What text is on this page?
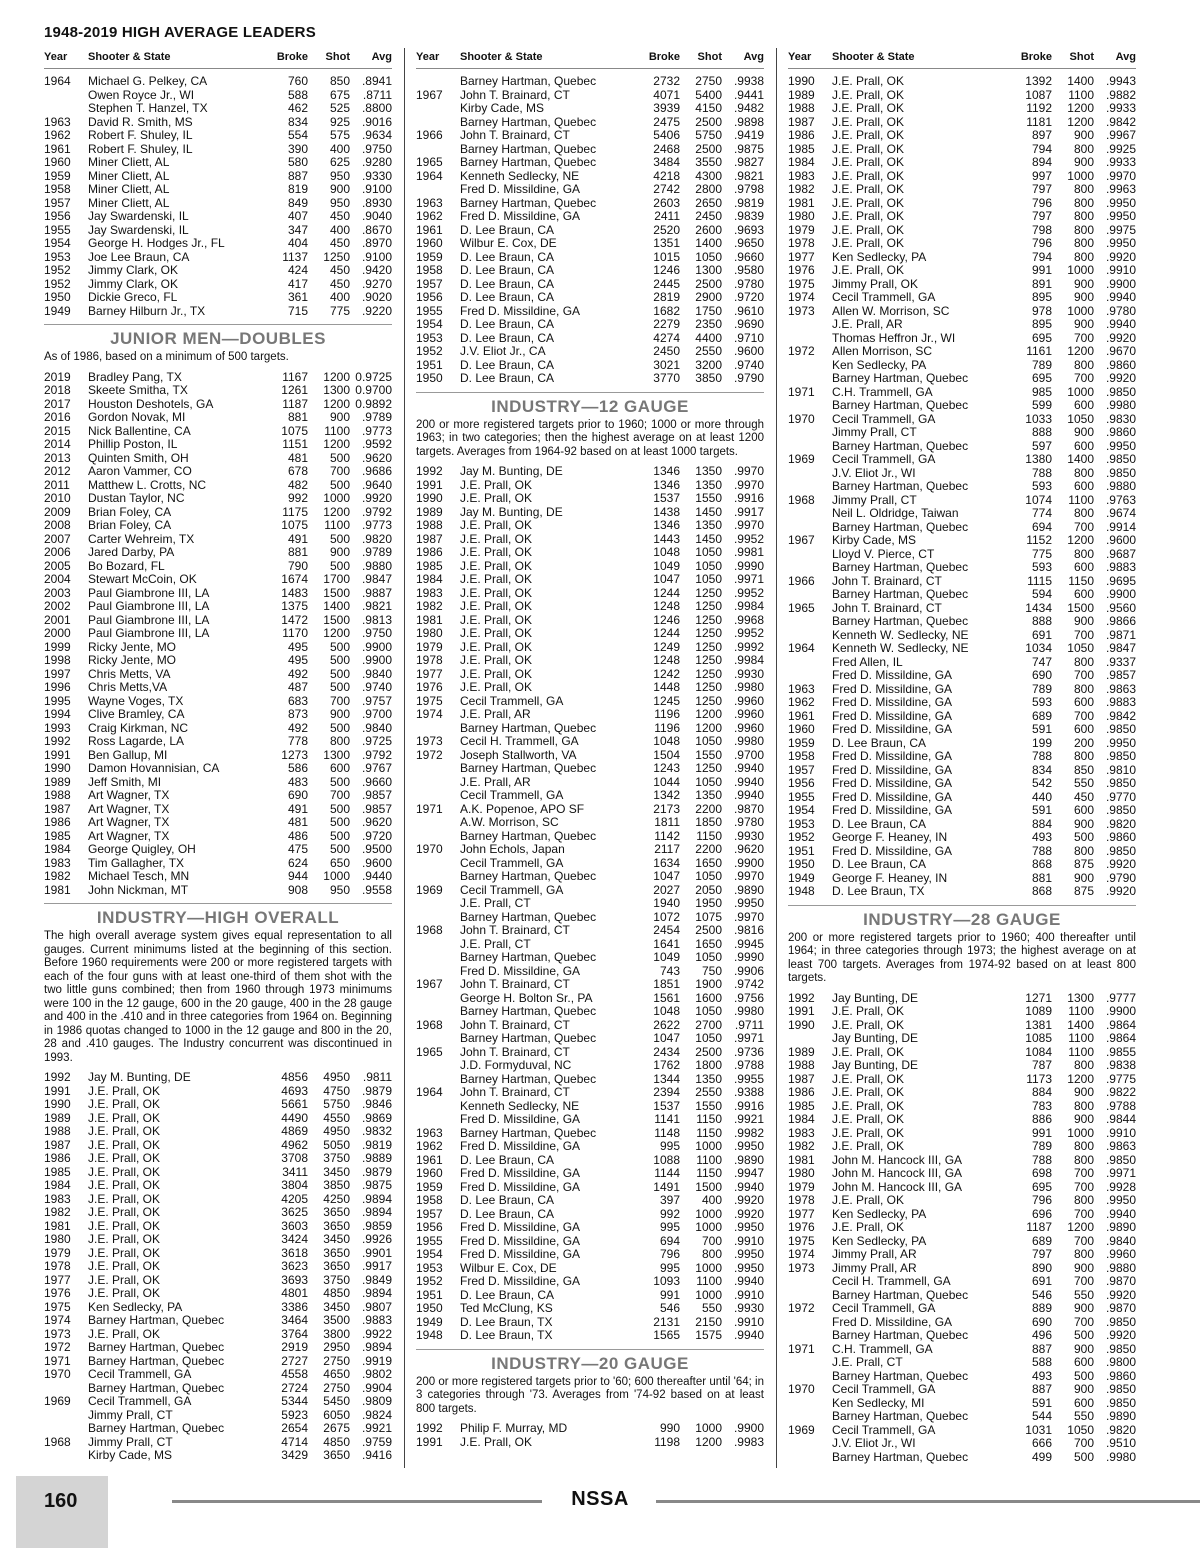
1948-2019 HIGH AVERAGE LEADERS
Year	Shooter & State	Broke	Shot	Avg
1964	Michael G. Pelkey, CA	760	850 .8941
Owen Royce Jr., WI	588	675	.8711
Stephen T. Hanzel, TX	462	525 .8800
1963	David R. Smith, MS	834	925 .9016
1962	Robert F. Shuley, IL	554	575 .9634
1961	Robert F. Shuley, IL	390	400 .9750
1960	Miner Cliett, AL	580	625 .9280
1959	Miner Cliett, AL	887	950 .9330
1958	Miner Cliett, AL	819	900 .9100
1957	Miner Cliett, AL	849	950 .8930
1956	Jay Swardenski, IL	407	450 .9040
1955	Jay Swardenski, IL	347	400 .8670
1954	George H. Hodges Jr., FL	404	450 .8970
1953	Joe Lee Braun, CA	1137	1250 .9100
1952	Jimmy Clark, OK	424	450 .9420
1952	Jimmy Clark, OK	417	450 .9270
1950	Dickie Greco, FL	361	400 .9020
1949	Barney Hilburn Jr., TX	715	775 .9220
JUNIOR MEN—DOUBLES
As of 1986, based on a minimum of 500 targets.
2019	Bradley Pang, TX	1167	1200 0.9725
2018	Skeete Smitha, TX	1261	1300 0.9700
2017	Houston Deshotels, GA	1187	1200 0.9892
2016	Gordon Novak, MI	881	900 .9789
2015	Nick Ballentine, CA	1075	1100 .9773
2014	Phillip Poston, IL	1151	1200 .9592
2013	Quinten Smith, OH	481	500 .9620
2012	Aaron Vammer, CO	678	700 .9686
2011	Matthew L. Crotts, NC	482	500 .9640
2010	Dustan Taylor, NC	992	1000 .9920
2009	Brian Foley, CA	1175	1200 .9792
2008	Brian Foley, CA	1075	1100 .9773
2007	Carter Wehreim, TX	491	500 .9820
2006	Jared Darby, PA	881	900 .9789
2005	Bo Bozard, FL	790	500 .9880
2004	Stewart McCoin, OK	1674	1700 .9847
2003	Paul Giambrone III, LA	1483	1500 .9887
2002	Paul Giambrone III, LA	1375	1400 .9821
2001	Paul Giambrone III, LA	1472	1500 .9813
2000	Paul Giambrone III, LA	1170	1200 .9750
1999	Ricky Jente, MO	495	500 .9900
1998	Ricky Jente, MO	495	500 .9900
1997	Chris Metts, VA	492	500 .9840
1996	Chris Metts,VA	487	500 .9740
1995	Wayne Voges, TX	683	700 .9757
1994	Clive Bramley, CA	873	900 .9700
1993	Craig Kirkman, NC	492	500 .9840
1992	Ross Lagarde, LA	778	800 .9725
1991	Ben Gallup, MI	1273	1300 .9792
1990	Damon Hovannisian, CA	586	600 .9767
1989	Jeff Smith, MI	483	500 .9660
1988	Art Wagner, TX	690	700 .9857
1987	Art Wagner, TX	491	500 .9857
1986	Art Wagner, TX	481	500 .9620
1985	Art Wagner, TX	486	500 .9720
1984	George Quigley, OH	475	500 .9500
1983	Tim Gallagher, TX	624	650 .9600
1982	Michael Tesch, MN	944	1000 .9440
1981	John Nickman, MT	908	950 .9558
INDUSTRY—HIGH OVERALL
The high overall average system gives equal representation to all gauges. Current minimums listed at the beginning of this section. Before 1960 requirements were 200 or more registered targets with each of the four guns with at least one-third of them shot with the two little guns combined; then from 1960 through 1973 minimums were 100 in the 12 gauge, 600 in the 20 gauge, 400 in the 28 gauge and 400 in the .410 and in three categories from 1964 on. Beginning in 1986 quotas changed to 1000 in the 12 gauge and 800 in the 20, 28 and .410 gauges. The Industry concurrent was discontinued in 1993.
1992	Jay M. Bunting, DE	4856	4950	.9811
1991	J.E. Prall, OK	4693	4750 .9879
1990	J.E. Prall, OK	5661	5750 .9846
1989	J.E. Prall, OK	4490	4550 .9869
1988	J.E. Prall, OK	4869	4950 .9832
1987	J.E. Prall, OK	4962	5050 .9819
1986	J.E. Prall, OK	3708	3750 .9889
1985	J.E. Prall, OK	3411	3450 .9879
1984	J.E. Prall, OK	3804	3850 .9875
1983	J.E. Prall, OK	4205	4250 .9894
1982	J.E. Prall, OK	3625	3650 .9894
1981	J.E. Prall, OK	3603	3650 .9859
1980	J.E. Prall, OK	3424	3450 .9926
1979	J.E. Prall, OK	3618	3650 .9901
1978	J.E. Prall, OK	3623	3650 .9917
1977	J.E. Prall, OK	3693	3750 .9849
1976	J.E. Prall, OK	4801	4850 .9894
1975	Ken Sedlecky, PA	3386	3450 .9807
1974	Barney Hartman, Quebec	3464	3500 .9883
1973	J.E. Prall, OK	3764	3800 .9922
1972	Barney Hartman, Quebec	2919	2950 .9894
1971	Barney Hartman, Quebec	2727	2750 .9919
1970	Cecil Trammell, GA	4558	4650 .9802
Barney Hartman, Quebec	2724	2750 .9904
1969	Cecil Trammell, GA	5344	5450 .9809
Jimmy Prall, CT	5923	6050 .9824
Barney Hartman, Quebec	2654	2675 .9921
1968	Jimmy Prall, CT	4714	4850 .9759
Kirby Cade, MS	3429	3650 .9416
Year	Shooter & State	Broke	Shot	Avg
Barney Hartman, Quebec	2732	2750 .9938
1967	John T. Brainard, CT	4071	5400 .9441
Kirby Cade, MS	3939	4150 .9482
Barney Hartman, Quebec	2475	2500 .9898
1966	John T. Brainard, CT	5406	5750 .9419
Barney Hartman, Quebec	2468	2500 .9875
1965	Barney Hartman, Quebec	3484	3550 .9827
1964	Kenneth Sedlecky, NE	4218	4300 .9821
Fred D. Missildine, GA	2742	2800 .9798
1963	Barney Hartman, Quebec	2603	2650 .9819
1962	Fred D. Missildine, GA	2411	2450 .9839
1961	D. Lee Braun, CA	2520	2600 .9693
1960	Wilbur E. Cox, DE	1351	1400 .9650
1959	D. Lee Braun, CA	1015	1050 .9660
1958	D. Lee Braun, CA	1246	1300 .9580
1957	D. Lee Braun, CA	2445	2500 .9780
1956	D. Lee Braun, CA	2819	2900 .9720
1955	Fred D. Missildine, GA	1682	1750 .9610
1954	D. Lee Braun, CA	2279	2350 .9690
1953	D. Lee Braun, CA	4274	4400 .9710
1952	J.V. Eliot Jr., CA	2450	2550 .9600
1951	D. Lee Braun, CA	3021	3200 .9740
1950	D. Lee Braun, CA	3770	3850 .9790
INDUSTRY—12 GAUGE
200 or more registered targets prior to 1960; 1000 or more through 1963; in two categories; then the highest average on at least 1200 targets. Averages from 1964-92 based on at least 1000 targets.
1992	Jay M. Bunting, DE	1346	1350 .9970
1991	J.E. Prall, OK	1346	1350 .9970
1990	J.E. Prall, OK	1537	1550 .9916
1989	Jay M. Bunting, DE	1438	1450 .9917
1988	J.E. Prall, OK	1346	1350 .9970
1987	J.E. Prall, OK	1443	1450 .9952
1986	J.E. Prall, OK	1048	1050 .9981
1985	J.E. Prall, OK	1049	1050 .9990
1984	J.E. Prall, OK	1047	1050 .9971
1983	J.E. Prall, OK	1244	1250 .9952
1982	J.E. Prall, OK	1248	1250 .9984
1981	J.E. Prall, OK	1246	1250 .9968
1980	J.E. Prall, OK	1244	1250 .9952
1979	J.E. Prall, OK	1249	1250 .9992
1978	J.E. Prall, OK	1248	1250 .9984
1977	J.E. Prall, OK	1242	1250 .9930
1976	J.E. Prall, OK	1448	1250 .9980
1975	Cecil Trammell, GA	1245	1250 .9960
1974	J.E. Prall, AR	1196	1200 .9960
Barney Hartman, Quebec	1196	1200 .9960
1973	Cecil H. Trammell, GA	1048	1050 .9980
1972	Joseph Stallworth, VA	1504	1550 .9700
Barney Hartman, Quebec	1243	1250 .9940
J.E. Prall, AR	1044	1050 .9940
Cecil Trammell, GA	1342	1350 .9940
1971	A.K. Popenoe, APO SF	2173	2200 .9870
A.W. Morrison, SC	1811	1850 .9780
Barney Hartman, Quebec	1142	1150 .9930
1970	John Echols, Japan	2117	2200 .9620
Cecil Trammell, GA	1634	1650 .9900
Barney Hartman, Quebec	1047	1050 .9970
1969	Cecil Trammell, GA	2027	2050 .9890
J.E. Prall, CT	1940	1950 .9950
Barney Hartman, Quebec	1072	1075 .9970
1968	John T. Brainard, CT	2454	2500 .9816
J.E. Prall, CT	1641	1650 .9945
Barney Hartman, Quebec	1049	1050 .9990
Fred D. Missildine, GA	743	750 .9906
1967	John T. Brainard, CT	1851	1900 .9742
George H. Bolton Sr., PA	1561	1600 .9756
Barney Hartman, Quebec	1048	1050 .9980
1968	John T. Brainard, CT	2622	2700	.9711
Barney Hartman, Quebec	1047	1050 .9971
1965	John T. Brainard, CT	2434	2500 .9736
J.D. Formyduval, NC	1762	1800 .9788
Barney Hartman, Quebec	1344	1350 .9955
1964	John T. Brainard, CT	2394	2550 .9388
Kenneth Sedlecky, NE	1537	1550 .9916
Fred D. Missildine, GA	1141	1150 .9921
1963	Barney Hartman, Quebec	1148	1150 .9982
1962	Fred D. Missildine, GA	995	1000 .9950
1961	D. Lee Braun, CA	1088	1100 .9890
1960	Fred D. Missildine, GA	1144	1150 .9947
1959	Fred D. Missildine, GA	1491	1500 .9940
1958	D. Lee Braun, CA	397	400 .9920
1957	D. Lee Braun, CA	992	1000 .9920
1956	Fred D. Missildine, GA	995	1000 .9950
1955	Fred D. Missildine, GA	694	700 .9910
1954	Fred D. Missildine, GA	796	800 .9950
1953	Wilbur E. Cox, DE	995	1000 .9950
1952	Fred D. Missildine, GA	1093	1100 .9940
1951	D. Lee Braun, CA	991	1000 .9910
1950	Ted McClung, KS	546	550 .9930
1949	D. Lee Braun, TX	2131	2150 .9910
1948	D. Lee Braun, TX	1565	1575 .9940
INDUSTRY—20 GAUGE
200 or more registered targets prior to '60; 600 thereafter until '64; in 3 categories through '73. Averages from '74-92 based on at least 800 targets.
1992	Philip F. Murray, MD	990	1000 .9900
1991	J.E. Prall, OK	1198	1200 .9983
Year	Shooter & State	Broke	Shot	Avg
1990	J.E. Prall, OK	1392	1400 .9943
1989	J.E. Prall, OK	1087	1100 .9882
1988	J.E. Prall, OK	1192	1200 .9933
1987	J.E. Prall, OK	1181	1200 .9842
1986	J.E. Prall, OK	897	900 .9967
1985	J.E. Prall, OK	794	800 .9925
1984	J.E. Prall, OK	894	900 .9933
1983	J.E. Prall, OK	997	1000 .9970
1982	J.E. Prall, OK	797	800 .9963
1981	J.E. Prall, OK	796	800 .9950
1980	J.E. Prall, OK	797	800 .9950
1979	J.E. Prall, OK	798	800 .9975
1978	J.E. Prall, OK	796	800 .9950
1977	Ken Sedlecky, PA	794	800 .9920
1976	J.E. Prall, OK	991	1000 .9910
1975	Jimmy Prall, OK	891	900 .9900
1974	Cecil Trammell, GA	895	900 .9940
1973	Allen W. Morrison, SC	978	1000 .9780
J.E. Prall, AR	895	900 .9940
Thomas Heffron Jr., WI	695	700 .9920
1972	Allen Morrison, SC	1161	1200 .9670
Ken Sedlecky, PA	789	800 .9860
Barney Hartman, Quebec	695	700 .9920
1971	C.H. Trammell, GA	985	1000 .9850
Barney Hartman, Quebec	599	600 .9980
1970	Cecil Trammell, GA	1033	1050 .9830
Jimmy Prall, CT	888	900 .9860
Barney Hartman, Quebec	597	600 .9950
1969	Cecil Trammell, GA	1380	1400 .9850
J.V. Eliot Jr., WI	788	800 .9850
Barney Hartman, Quebec	593	600 .9880
1968	Jimmy Prall, CT	1074	1100 .9763
Neil L. Oldridge, Taiwan	774	800 .9674
Barney Hartman, Quebec	694	700 .9914
1967	Kirby Cade, MS	1152	1200 .9600
Lloyd V. Pierce, CT	775	800 .9687
Barney Hartman, Quebec	593	600 .9883
1966	John T. Brainard, CT	1115	1150 .9695
Barney Hartman, Quebec	594	600 .9900
1965	John T. Brainard, CT	1434	1500 .9560
Barney Hartman, Quebec	888	900 .9866
Kenneth W. Sedlecky, NE	691	700 .9871
1964	Kenneth W. Sedlecky, NE	1034	1050 .9847
Fred Allen, IL	747	800 .9337
Fred D. Missildine, GA	690	700 .9857
1963	Fred D. Missildine, GA	789	800 .9863
1962	Fred D. Missildine, GA	593	600 .9883
1961	Fred D. Missildine, GA	689	700 .9842
1960	Fred D. Missildine, GA	591	600 .9850
1959	D. Lee Braun, CA	199	200 .9950
1958	Fred D. Missildine, GA	788	800 .9850
1957	Fred D. Missildine, GA	834	850 .9810
1956	Fred D. Missildine, GA	542	550 .9850
1955	Fred D. Missildine, GA	440	450 .9770
1954	Fred D. Missildine, GA	591	600 .9850
1953	D. Lee Braun, CA	884	900 .9820
1952	George F. Heaney, IN	493	500 .9860
1951	Fred D. Missildine, GA	788	800 .9850
1950	D. Lee Braun, CA	868	875 .9920
1949	George F. Heaney, IN	881	900 .9790
1948	D. Lee Braun, TX	868	875 .9920
INDUSTRY—28 GAUGE
200 or more registered targets prior to 1960; 400 thereafter until 1964; in three categories through 1973; the highest average on at least 700 targets. Averages from 1974-92 based on at least 800 targets.
1992	Jay Bunting, DE	1271	1300 .9777
1991	J.E. Prall, OK	1089	1100 .9900
1990	J.E. Prall, OK	1381	1400 .9864
Jay Bunting, DE	1085	1100 .9864
1989	J.E. Prall, OK	1084	1100 .9855
1988	Jay Bunting, DE	787	800 .9838
1987	J.E. Prall, OK	1173	1200 .9775
1986	J.E. Prall, OK	884	900 .9822
1985	J.E. Prall, OK	783	800 .9788
1984	J.E. Prall, OK	886	900 .9844
1983	J.E. Prall, OK	991	1000 .9910
1982	J.E. Prall, OK	789	800 .9863
1981	John M. Hancock III, GA	788	800 .9850
1980	John M. Hancock III, GA	698	700 .9971
1979	John M. Hancock III, GA	695	700 .9928
1978	J.E. Prall, OK	796	800 .9950
1977	Ken Sedlecky, PA	696	700 .9940
1976	J.E. Prall, OK	1187	1200 .9890
1975	Ken Sedlecky, PA	689	700 .9840
1974	Jimmy Prall, AR	797	800 .9960
1973	Jimmy Prall, AR	890	900 .9880
Cecil H. Trammell, GA	691	700 .9870
Barney Hartman, Quebec	546	550 .9920
1972	Cecil Trammell, GA	889	900 .9870
Fred D. Missildine, GA	690	700 .9850
Barney Hartman, Quebec	496	500 .9920
1971	C.H. Trammell, GA	887	900 .9850
J.E. Prall, CT	588	600 .9800
Barney Hartman, Quebec	493	500 .9860
1970	Cecil Trammell, GA	887	900 .9850
Ken Sedlecky, MI	591	600 .9850
Barney Hartman, Quebec	544	550 .9890
1969	Cecil Trammell, GA	1031	1050 .9820
J.V. Eliot Jr., WI	666	700 .9510
Barney Hartman, Quebec	499	500 .9980
160	NSSA
